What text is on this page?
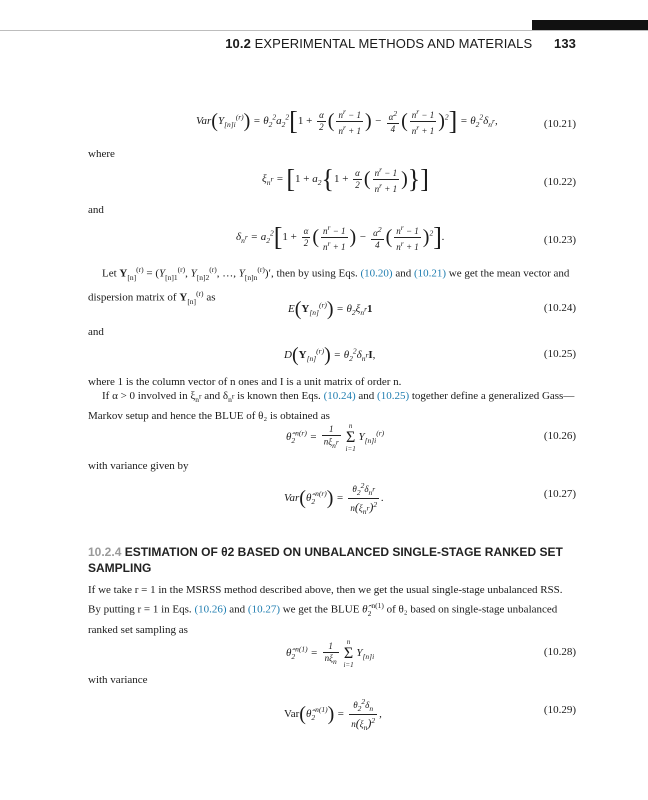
10.2 EXPERIMENTAL METHODS AND MATERIALS 133
$Var(Y_{[n]i}^{(r)}) = \theta_2^2a_2^2[1 + \frac{\alpha}{2}$ ( $\frac{n^r - 1}{n^r + 1}$ ) − $\frac{\alpha^2}{4}$ ( $\frac{n^r - 1}{n^r + 1} )^2] = \theta_2^2\delta_{n^r}$,	(10.21)
where
$\xi_{n^r} = [1 + a_2\{1 + \frac{\alpha}{2}$ ( $\frac{n^r - 1}{n^r + 1}$ )}]	(10.22)
and
$\delta_{n^r} = a_2^2[1 + \frac{\alpha}{2}$ ( $\frac{n^r - 1}{n^r + 1}$ ) − $\frac{\alpha^2}{4}$ ( $\frac{n^r - 1}{n^r + 1} )^2$].	(10.23)
Let $Y_{[n]}^{(r)} = (Y_{[n]1}^{(r)}$, $Y_{[n]2}^{(r)}$, …, $Y_{[n]n}^{(r)})'$, then by using Eqs. (10.20) and (10.21) we get the mean vector and dispersion matrix of $Y_{[n]}^{(r)}$ as
$E(Y_{[n]}^{(r)}) = \theta_2\xi_{n^r}1$	(10.24)
and
$D(Y_{[n]}^{(r)}) = \theta_2^2\delta_{n^r}I$,	(10.25)
where 1 is the column vector of n ones and I is a unit matrix of order n.
If α > 0 involved in $\xi_{n^r}$ and $\delta_{n^r}$ is known then Eqs. (10.24) and (10.25) together define a generalized Gass—Markov setup and hence the BLUE of θ₂ is obtained as
$\thetâ_2^{n(r)} = \frac{1}{n\xi_{n^r}}$
	n
Σ
i=1
$Y_{[n]i}^{(r)}$	(10.26)
with variance given by
$Var(\thetâ_2^{n(r)}) = \frac{\theta_2^2\delta_{n^r}}{n(\xi_{n^r})^2}$ .	(10.27)
10.2.4 ESTIMATION OF θ2 BASED ON UNBALANCED SINGLE-STAGE RANKED SET SAMPLING
If we take r = 1 in the MSRSS method described above, then we get the usual single-stage unbalanced RSS. By putting r = 1 in Eqs. (10.26) and (10.27) we get the BLUE $\thetâ_2^{n(1)}$ of θ₂ based on single-stage unbalanced ranked set sampling as
$\thetâ_2^{n(1)} = \frac{1}{n\xi_n}$
	n
Σ
i=1
$Y_{[n]i}$	(10.28)
with variance
$Var(\thetâ_2^{n(1)}) = \frac{\theta_2^2\delta_n}{n(\xi_n)^2}$ ,	(10.29)
